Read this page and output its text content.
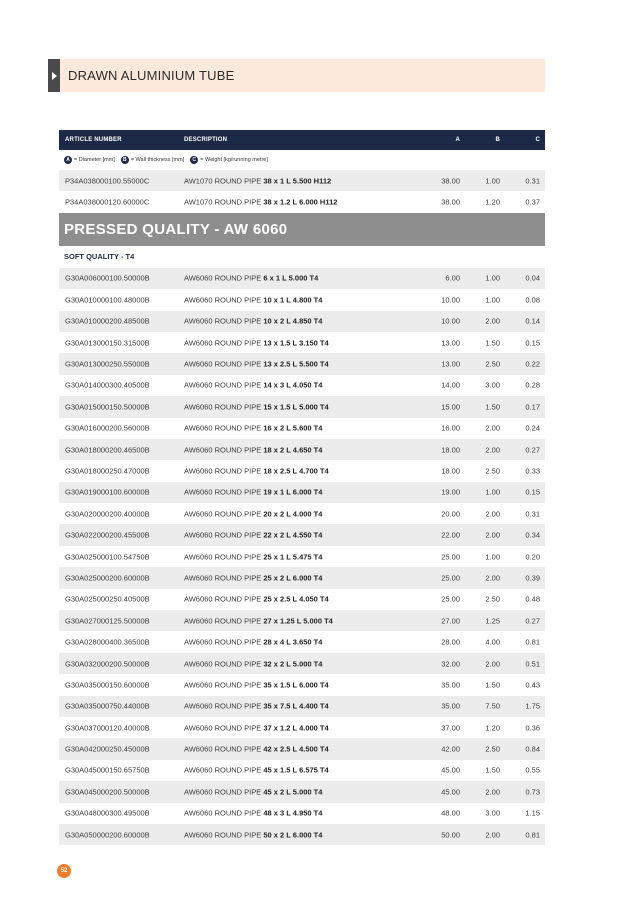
DRAWN ALUMINIUM TUBE
ARTICLE NUMBER	DESCRIPTION	A	B	C
A = Diameter [mm]	B = Wall thickness [mm]	C = Weight [kg/running metre]
P34A038000100.55000C	AW1070 ROUND PIPE 38 x 1 L 5.500 H112	38.00	1.00	0.31
P34A038000120.60000C	AW1070 ROUND PIPE 38 x 1.2 L 6.000 H112	38.00	1.20	0.37
PRESSED QUALITY - AW 6060
SOFT QUALITY - T4
G30A006000100.50000B	AW6060 ROUND PIPE 6 x 1 L 5.000 T4	6.00	1.00	0.04
G30A010000100.48000B	AW6060 ROUND PIPE 10 x 1 L 4.800 T4	10.00	1.00	0.08
G30A010000200.48500B	AW6060 ROUND PIPE 10 x 2 L 4.850 T4	10.00	2.00	0.14
G30A013000150.31500B	AW6060 ROUND PIPE 13 x 1.5 L 3.150 T4	13.00	1.50	0.15
G30A013000250.55000B	AW6060 ROUND PIPE 13 x 2.5 L 5.500 T4	13.00	2.50	0.22
G30A014000300.40500B	AW6060 ROUND PIPE 14 x 3 L 4.050 T4	14.00	3.00	0.28
G30A015000150.50000B	AW6060 ROUND PIPE 15 x 1.5 L 5.000 T4	15.00	1.50	0.17
G30A016000200.56000B	AW6060 ROUND PIPE 16 x 2 L 5.600 T4	16.00	2.00	0.24
G30A018000200.46500B	AW6060 ROUND PIPE 18 x 2 L 4.650 T4	18.00	2.00	0.27
G30A018000250.47000B	AW6060 ROUND PIPE 18 x 2.5 L 4.700 T4	18.00	2.50	0.33
G30A019000100.60000B	AW6060 ROUND PIPE 19 x 1 L 6.000 T4	19.00	1.00	0.15
G30A020000200.40000B	AW6060 ROUND PIPE 20 x 2 L 4.000 T4	20.00	2.00	0.31
G30A022000200.45500B	AW6060 ROUND PIPE 22 x 2 L 4.550 T4	22.00	2.00	0.34
G30A025000100.54750B	AW6060 ROUND PIPE 25 x 1 L 5.475 T4	25.00	1.00	0.20
G30A025000200.60000B	AW6060 ROUND PIPE 25 x 2 L 6.000 T4	25.00	2.00	0.39
G30A025000250.40500B	AW6060 ROUND PIPE 25 x 2.5 L 4.050 T4	25.00	2.50	0.48
G30A027000125.50000B	AW6060 ROUND PIPE 27 x 1.25 L 5.000 T4	27.00	1.25	0.27
G30A028000400.36500B	AW6060 ROUND PIPE 28 x 4 L 3.650 T4	28.00	4.00	0.81
G30A032000200.50000B	AW6060 ROUND PIPE 32 x 2 L 5.000 T4	32.00	2.00	0.51
G30A035000150.60000B	AW6060 ROUND PIPE 35 x 1.5 L 6.000 T4	35.00	1.50	0.43
G30A035000750.44000B	AW6060 ROUND PIPE 35 x 7.5 L 4.400 T4	35.00	7.50	1.75
G30A037000120.40000B	AW6060 ROUND PIPE 37 x 1.2 L 4.000 T4	37.00	1.20	0.36
G30A042000250.45000B	AW6060 ROUND PIPE 42 x 2.5 L 4.500 T4	42.00	2.50	0.84
G30A045000150.65750B	AW6060 ROUND PIPE 45 x 1.5 L 6.575 T4	45.00	1.50	0.55
G30A045000200.50000B	AW6060 ROUND PIPE 45 x 2 L 5.000 T4	45.00	2.00	0.73
G30A048000300.49500B	AW6060 ROUND PIPE 48 x 3 L 4.950 T4	48.00	3.00	1.15
G30A050000200.60000B	AW6060 ROUND PIPE 50 x 2 L 6.000 T4	50.00	2.00	0.81
52
